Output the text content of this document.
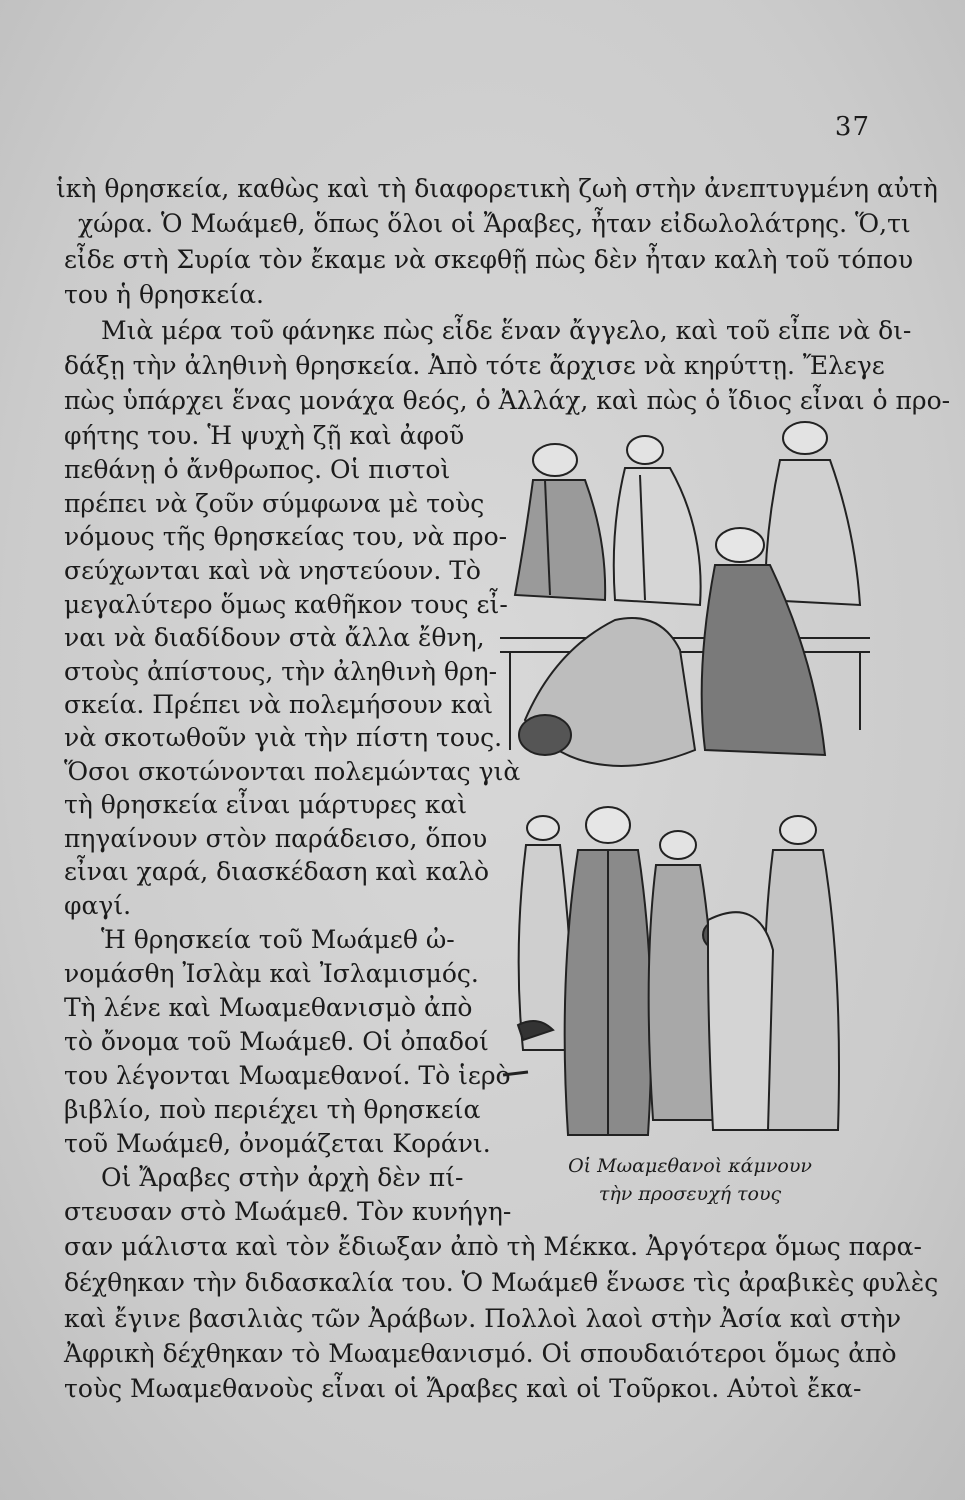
37
ἱκὴ θρησκεία, καθὼς καὶ τὴ διαφορετικὴ ζωὴ στὴν ἀνεπτυγμένη αὐτὴ
χώρα. Ὁ Μωάμεθ, ὅπως ὅλοι οἱ Ἄραβες, ἦταν εἰδωλολάτρης. Ὅ,τι
εἶδε στὴ Συρία τὸν ἔκαμε νὰ σκεφθῇ πὼς δὲν ἦταν καλὴ τοῦ τόπου
του ἡ θρησκεία.
Μιὰ μέρα τοῦ φάνηκε πὼς εἶδε ἕναν ἄγγελο, καὶ τοῦ εἶπε νὰ δι-
δάξῃ τὴν ἀληθινὴ θρησκεία. Ἀπὸ τότε ἄρχισε νὰ κηρύττῃ. Ἔλεγε
πὼς ὑπάρχει ἕνας μονάχα θεός, ὁ Ἀλλάχ, καὶ πὼς ὁ ἴδιος εἶναι ὁ προ-
φήτης του. Ἡ ψυχὴ ζῇ καὶ ἀφοῦ
πεθάνῃ ὁ ἄνθρωπος. Οἱ πιστοὶ
πρέπει νὰ ζοῦν σύμφωνα μὲ τοὺς
νόμους τῆς θρησκείας του, νὰ προ-
σεύχωνται καὶ νὰ νηστεύουν. Τὸ
μεγαλύτερο ὅμως καθῆκον τους εἶ-
ναι νὰ διαδίδουν στὰ ἄλλα ἔθνη,
στοὺς ἀπίστους, τὴν ἀληθινὴ θρη-
σκεία. Πρέπει νὰ πολεμήσουν καὶ
νὰ σκοτωθοῦν γιὰ τὴν πίστη τους.
Ὅσοι σκοτώνονται πολεμώντας γιὰ
τὴ θρησκεία εἶναι μάρτυρες καὶ
πηγαίνουν στὸν παράδεισο, ὅπου
εἶναι χαρά, διασκέδαση καὶ καλὸ
φαγί.
Ἡ θρησκεία τοῦ Μωάμεθ ὠ-
νομάσθη Ἰσλὰμ καὶ Ἰσλαμισμός.
Τὴ λένε καὶ Μωαμεθανισμὸ ἀπὸ
τὸ ὄνομα τοῦ Μωάμεθ. Οἱ ὀπαδοί
του λέγονται Μωαμεθανοί. Τὸ ἱερὸ
βιβλίο, ποὺ περιέχει τὴ θρησκεία
τοῦ Μωάμεθ, ὀνομάζεται Κοράνι.
Οἱ Ἄραβες στὴν ἀρχὴ δὲν πί-
στευσαν στὸ Μωάμεθ. Τὸν κυνήγη-
σαν μάλιστα καὶ τὸν ἔδιωξαν ἀπὸ τὴ Μέκκα. Ἀργότερα ὅμως παρα-
δέχθηκαν τὴν διδασκαλία του. Ὁ Μωάμεθ ἕνωσε τὶς ἀραβικὲς φυλὲς
καὶ ἔγινε βασιλιὰς τῶν Ἀράβων. Πολλοὶ λαοὶ στὴν Ἀσία καὶ στὴν
Ἀφρικὴ δέχθηκαν τὸ Μωαμεθανισμό. Οἱ σπουδαιότεροι ὅμως ἀπὸ
τοὺς Μωαμεθανοὺς εἶναι οἱ Ἄραβες καὶ οἱ Τοῦρκοι. Αὐτοὶ ἔκα-
Οἱ Μωαμεθανοὶ κάμνουν
τὴν προσευχή τους
